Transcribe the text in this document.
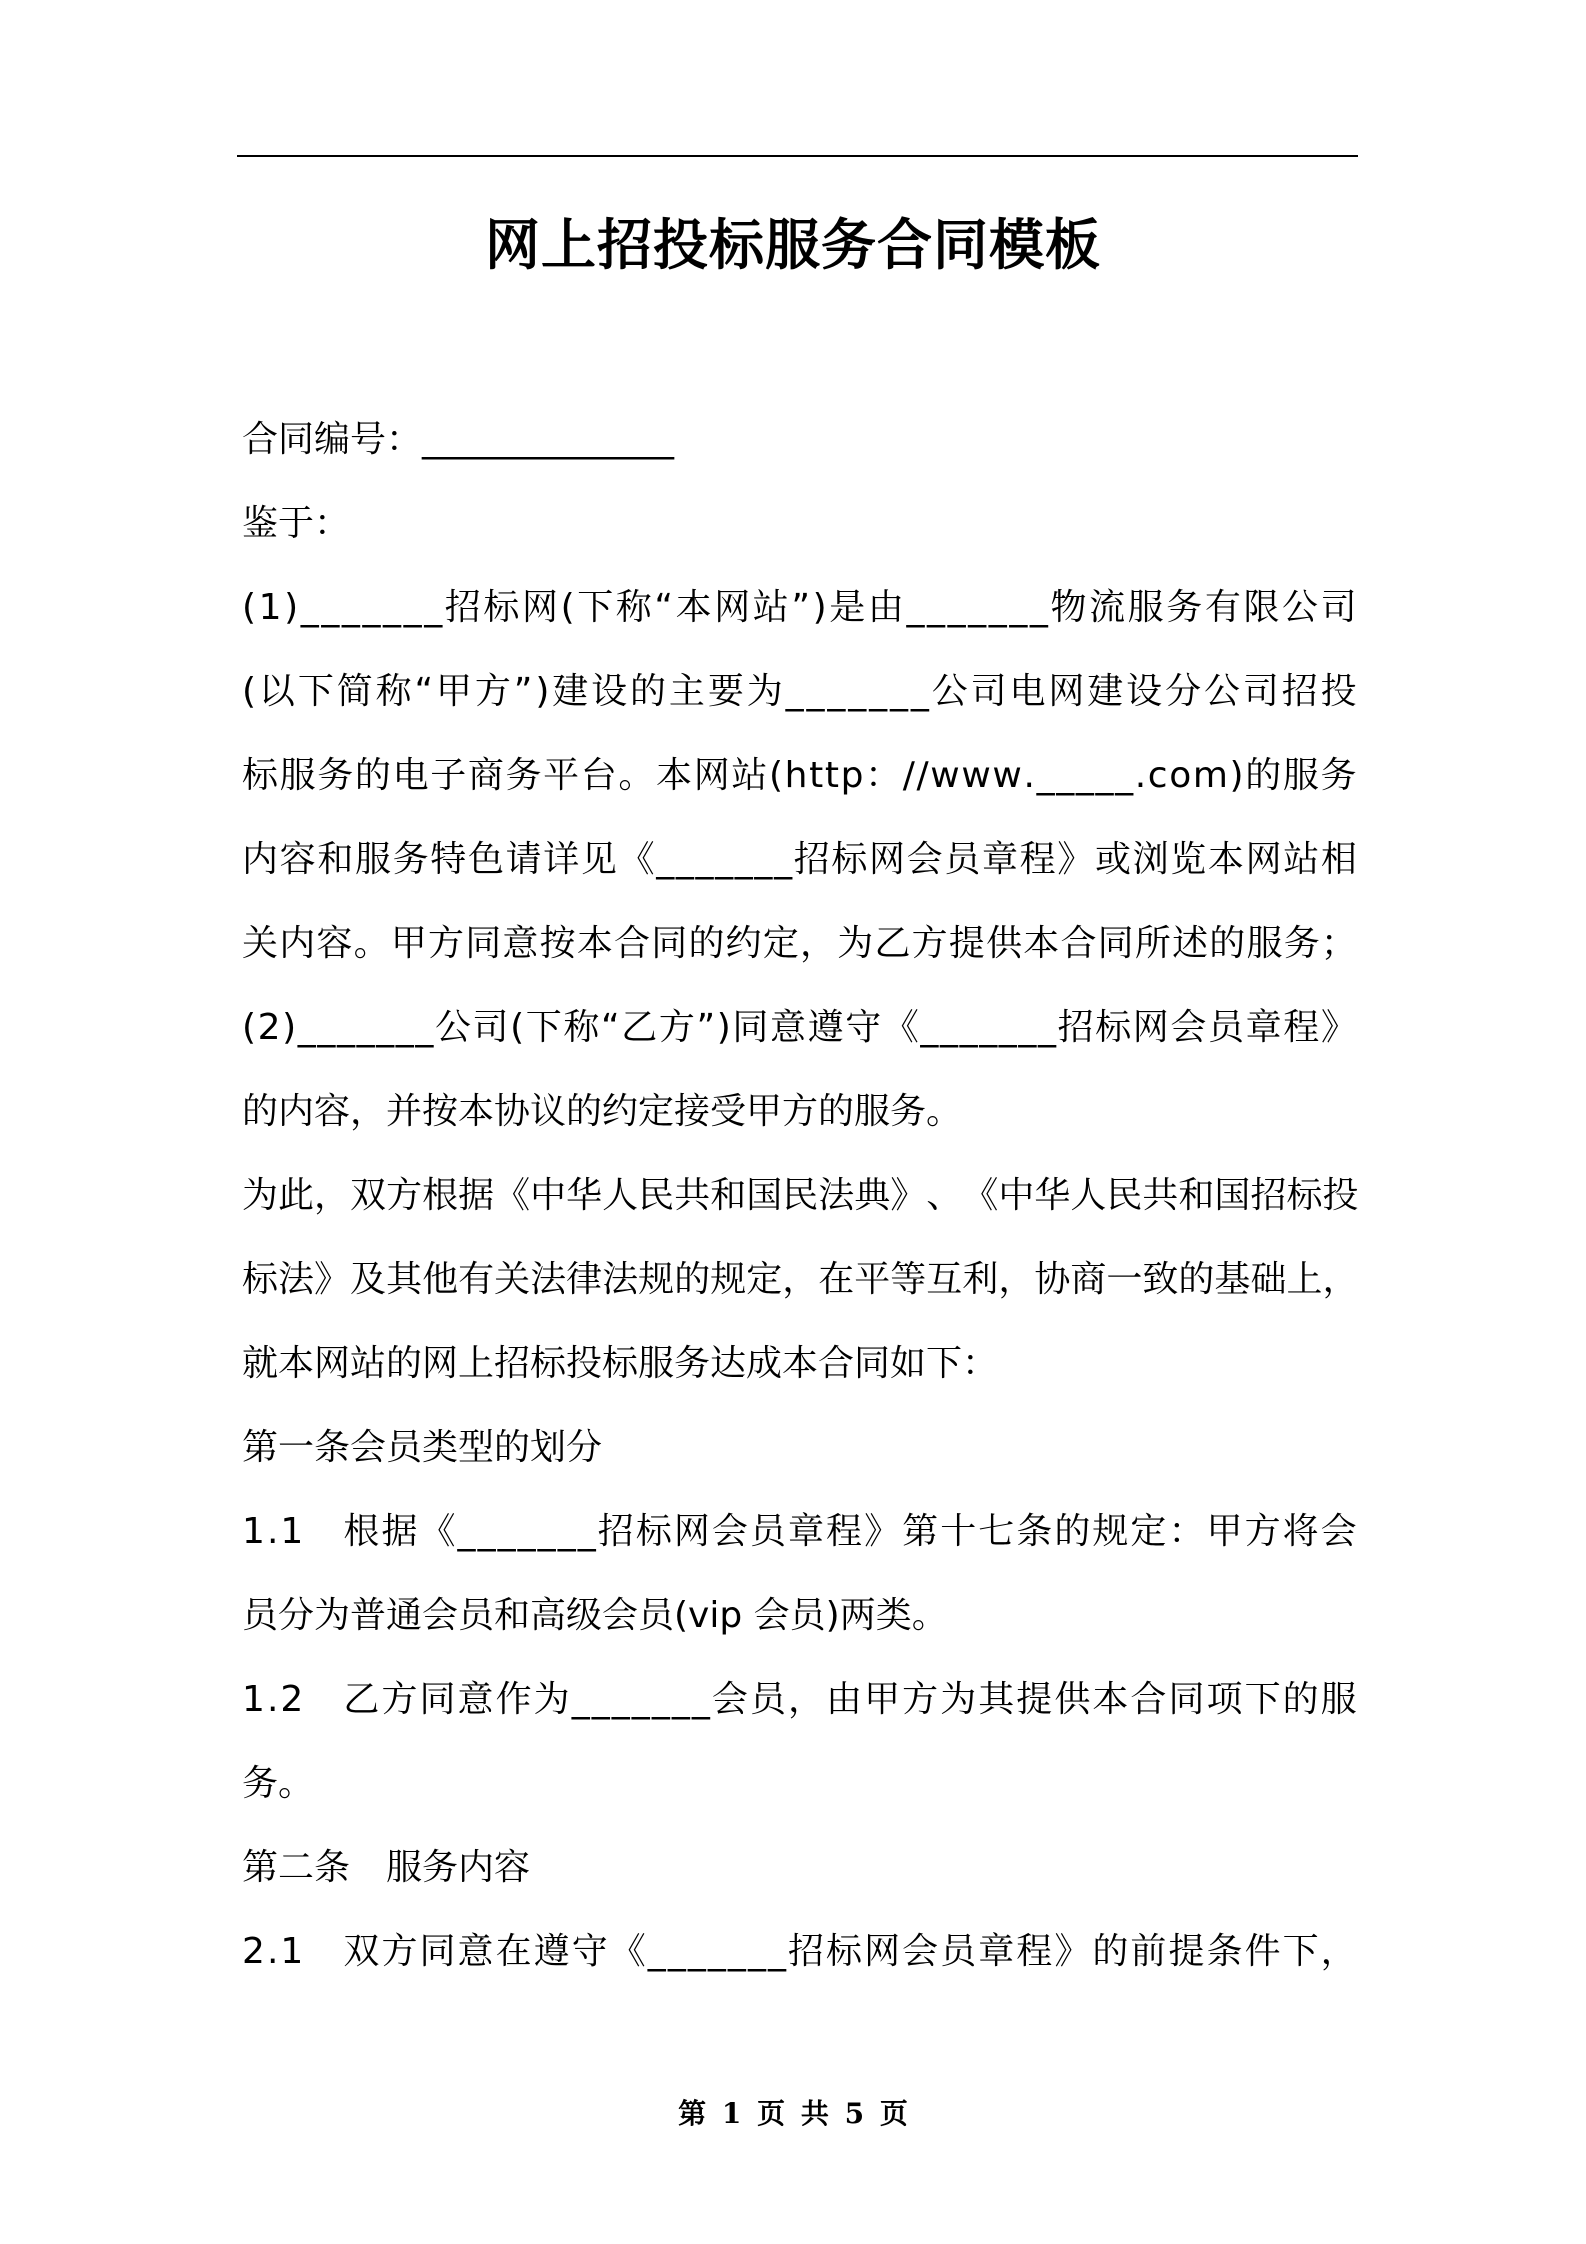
网上招投标服务合同模板
合同编号：______________
鉴于：
( 1 ) _ _ _ _ _ _ _ 招 标 网 ( 下 称 “ 本 网 站 ” ) 是 由 _ _ _ _ _ _ _ 物 流 服 务 有 限 公 司
( 以 下 简 称 “ 甲 方 ” ) 建 设 的 主 要 为 _ _ _ _ _ _ _ 公 司 电 网 建 设 分 公 司 招 投
标 服 务 的 电 子 商 务 平 台 。 本 网 站 ( h t t p ： / / w w w . _ _ _ _ _ . c o m ) 的 服 务
内 容 和 服 务 特 色 请 详 见 《 _ _ _ _ _ _ _ 招 标 网 会 员 章 程 》 或 浏 览 本 网 站 相
关 内 容 。 甲 方 同 意 按 本 合 同 的 约 定 ， 为 乙 方 提 供 本 合 同 所 述 的 服 务 ；
( 2 ) _ _ _ _ _ _ _ 公 司 ( 下 称 “ 乙 方 ” ) 同 意 遵 守 《 _ _ _ _ _ _ _ 招 标 网 会 员 章 程 》
的内容，并按本协议的约定接受甲方的服务。
为 此 ， 双 方 根 据 《 中 华 人 民 共 和 国 民 法 典 》 、 《 中 华 人 民 共 和 国 招 标 投
标 法 》 及 其 他 有 关 法 律 法 规 的 规 定 ， 在 平 等 互 利 ， 协 商 一 致 的 基 础 上 ，
就本网站的网上招标投标服务达成本合同如下：
第一条会员类型的划分
1 . 1
　 根 据 《 _ _ _ _ _ _ _ 招 标 网 会 员 章 程 》 第 十 七 条 的 规 定 ： 甲 方 将 会
员分为普通会员和高级会员(vip 会员)两类。
1 . 2
　 乙 方 同 意 作 为 _ _ _ _ _ _ _ 会 员 ， 由 甲 方 为 其 提 供 本 合 同 项 下 的 服
务。
第二条　服务内容
2 . 1
　 双 方 同 意 在 遵 守 《 _ _ _ _ _ _ _ 招 标 网 会 员 章 程 》 的 前 提 条 件 下 ，
第 1 页 共 5 页
